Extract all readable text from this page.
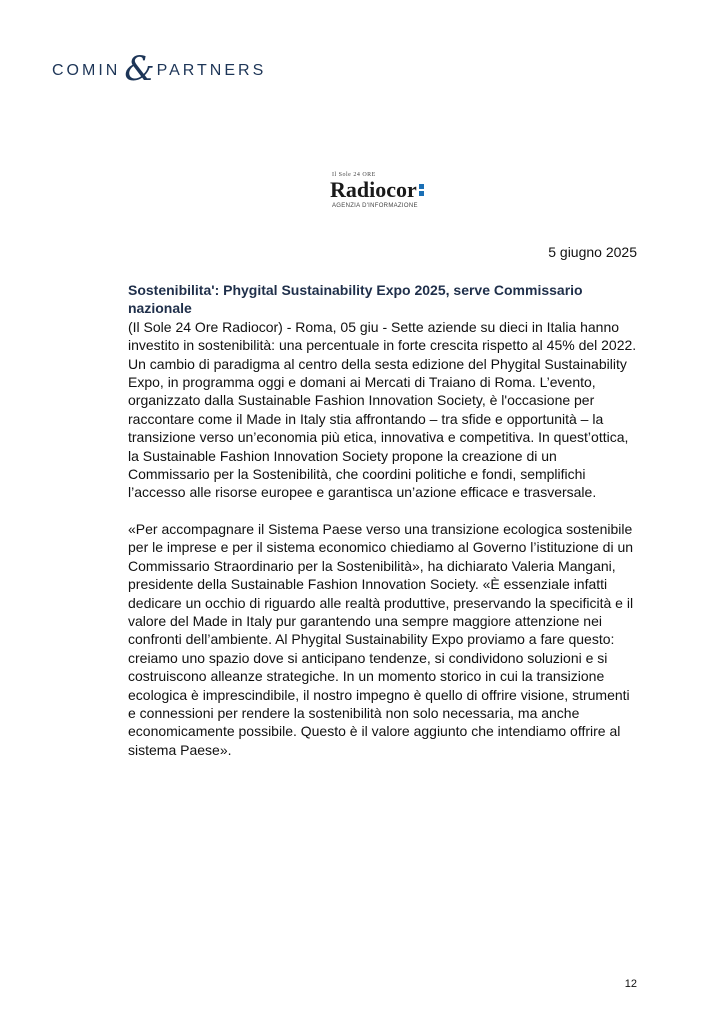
COMIN & PARTNERS
Il Sole 24 ORE
Radiocor
AGENZIA D'INFORMAZIONE
5 giugno 2025

Sostenibilita': Phygital Sustainability Expo 2025, serve Commissario nazionale

(Il Sole 24 Ore Radiocor) - Roma, 05 giu - Sette aziende su dieci in Italia hanno investito in sostenibilità: una percentuale in forte crescita rispetto al 45% del 2022. Un cambio di paradigma al centro della sesta edizione del Phygital Sustainability Expo, in programma oggi e domani ai Mercati di Traiano di Roma. L’evento, organizzato dalla Sustainable Fashion Innovation Society, è l'occasione per raccontare come il Made in Italy stia affrontando – tra sfide e opportunità – la transizione verso un’economia più etica, innovativa e competitiva. In quest’ottica, la Sustainable Fashion Innovation Society propone la creazione di un Commissario per la Sostenibilità, che coordini politiche e fondi, semplifichi l’accesso alle risorse europee e garantisca un’azione efficace e trasversale.

«Per accompagnare il Sistema Paese verso una transizione ecologica sostenibile per le imprese e per il sistema economico chiediamo al Governo l’istituzione di un Commissario Straordinario per la Sostenibilità», ha dichiarato Valeria Mangani, presidente della Sustainable Fashion Innovation Society. «È essenziale infatti dedicare un occhio di riguardo alle realtà produttive, preservando la specificità e il valore del Made in Italy pur garantendo una sempre maggiore attenzione nei confronti dell’ambiente. Al Phygital Sustainability Expo proviamo a fare questo: creiamo uno spazio dove si anticipano tendenze, si condividono soluzioni e si costruiscono alleanze strategiche. In un momento storico in cui la transizione ecologica è imprescindibile, il nostro impegno è quello di offrire visione, strumenti e connessioni per rendere la sostenibilità non solo necessaria, ma anche economicamente possibile. Questo è il valore aggiunto che intendiamo offrire al sistema Paese».

12
